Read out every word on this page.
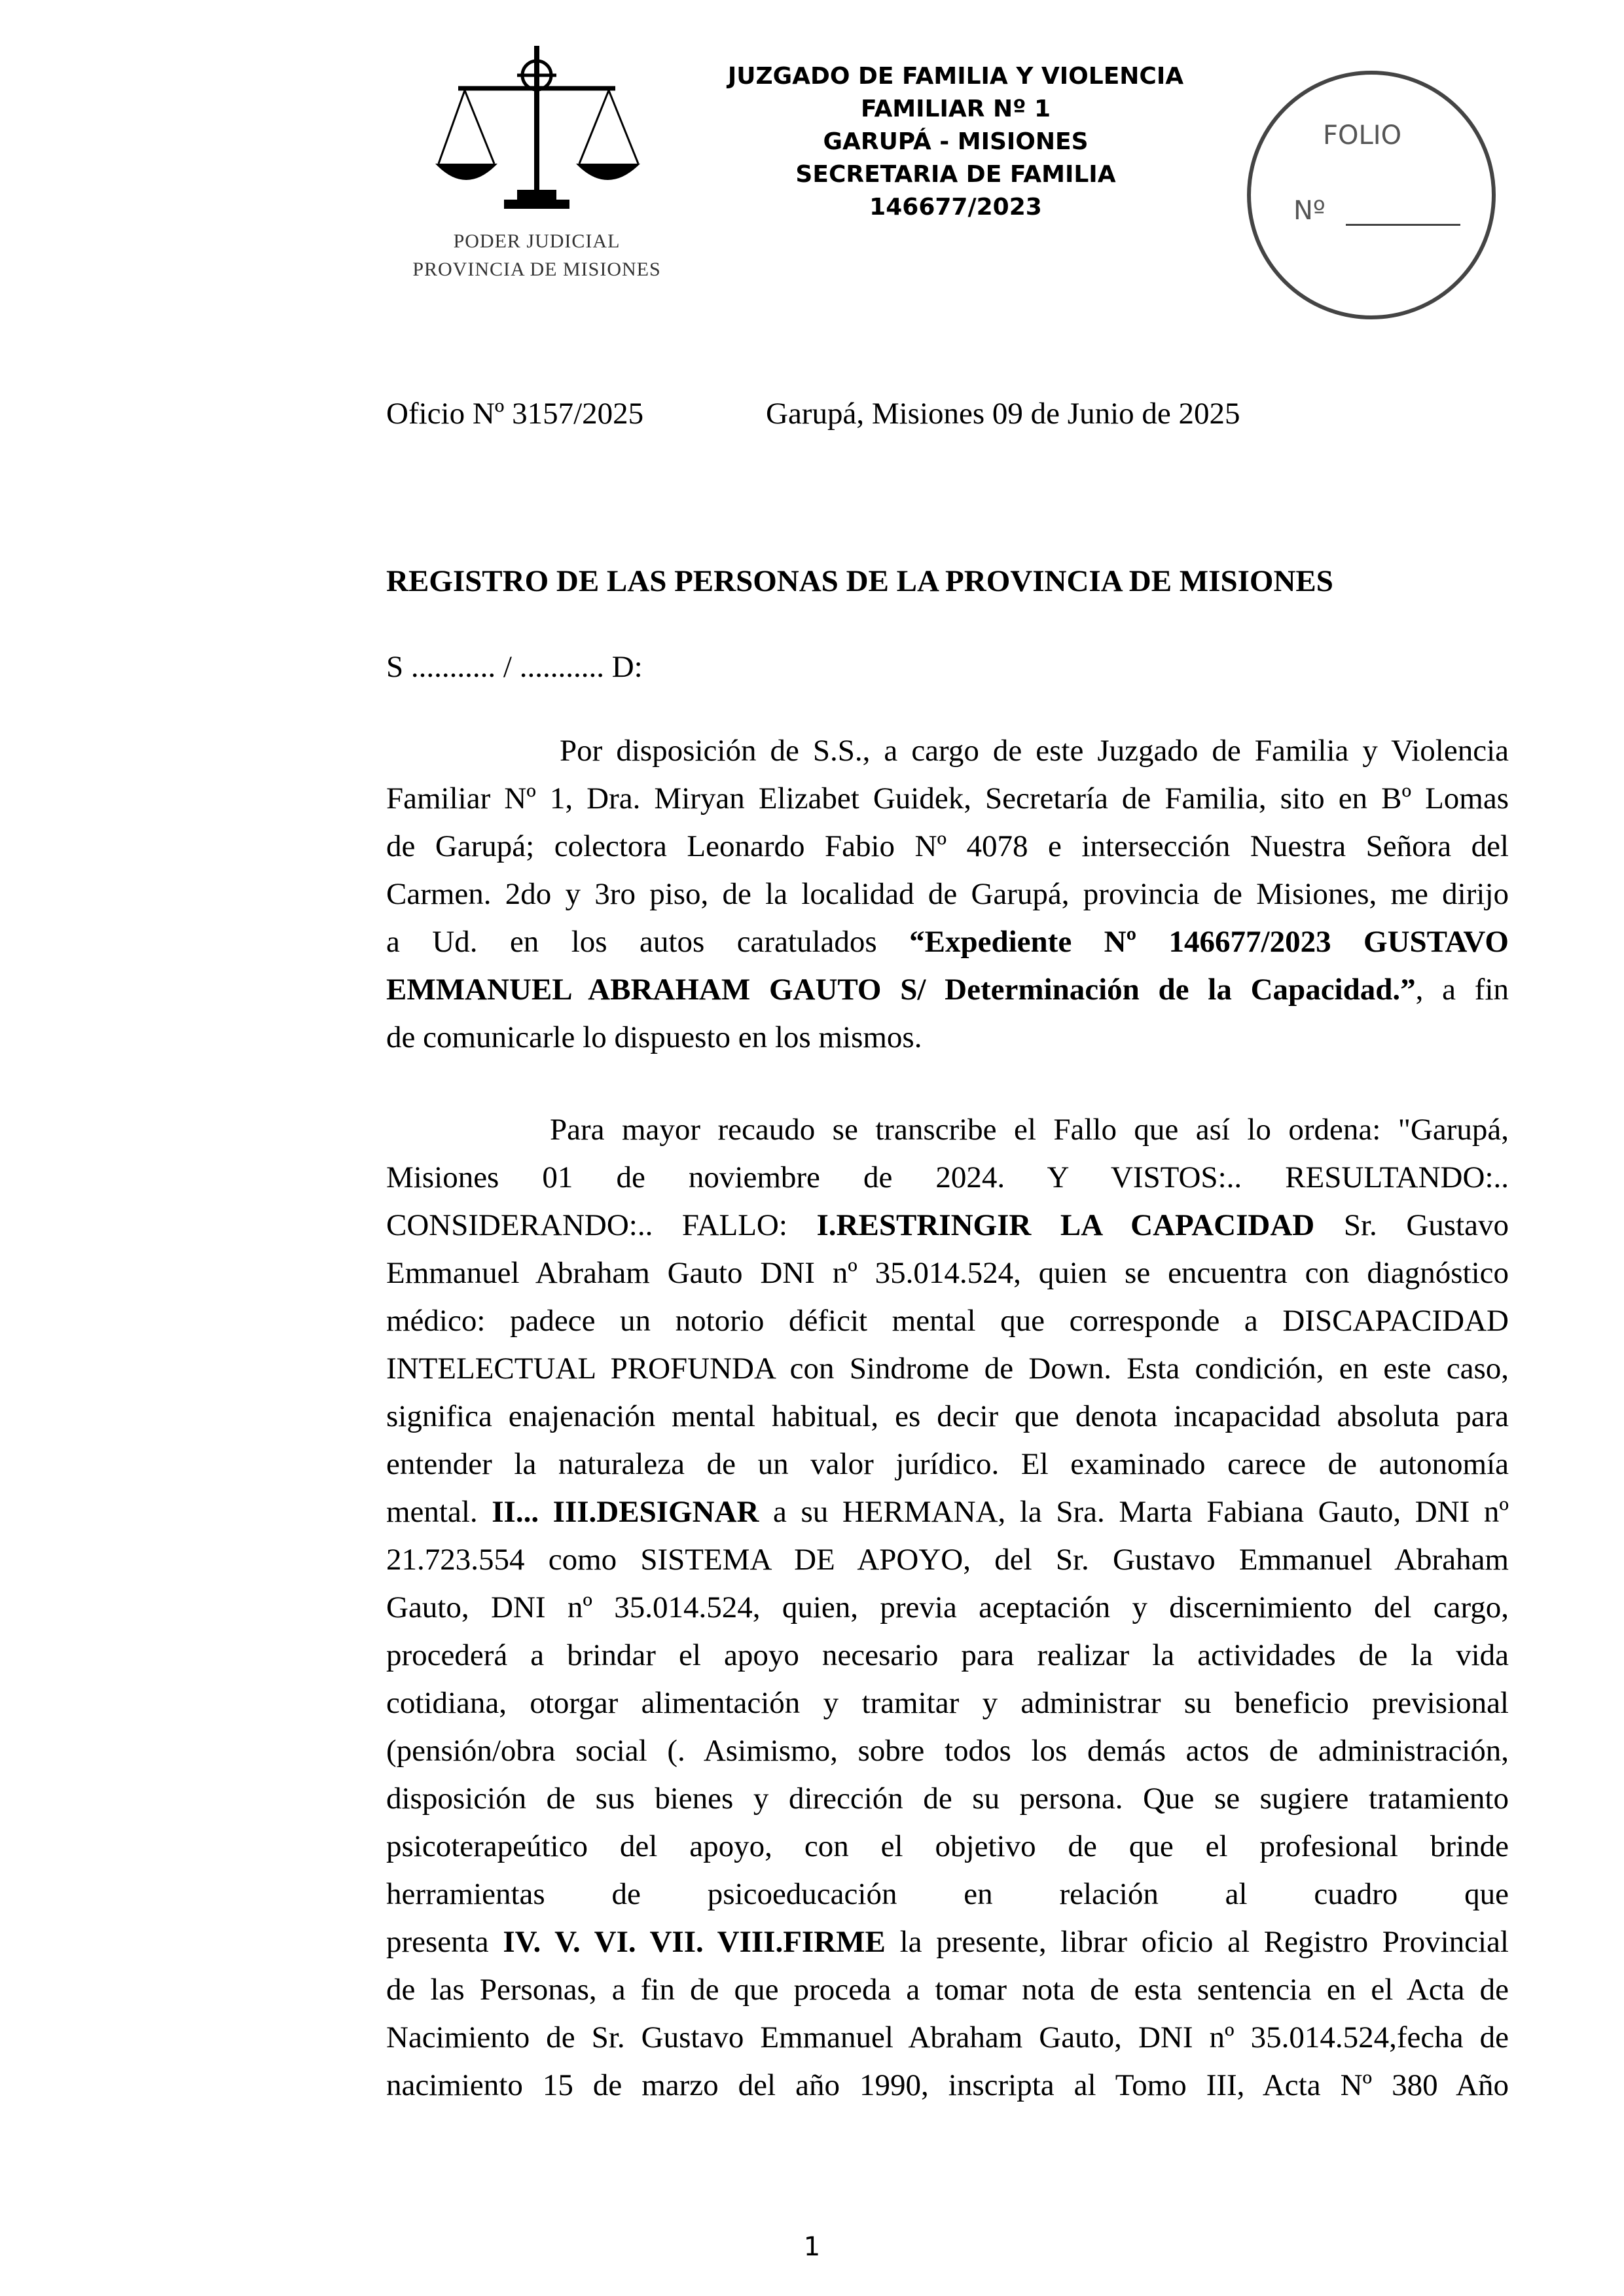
PODER JUDICIAL
PROVINCIA DE MISIONES
JUZGADO DE FAMILIA Y VIOLENCIA
FAMILIAR Nº 1
GARUPÁ - MISIONES
SECRETARIA DE FAMILIA
146677/2023
FOLIO
Nº
Oficio Nº 3157/2025	Garupá, Misiones 09 de Junio de 2025
REGISTRO DE LAS PERSONAS DE LA PROVINCIA DE MISIONES
S ........... / ........... D:
Por disposición de S.S., a cargo de este Juzgado de Familia y Violencia
Familiar Nº 1, Dra. Miryan Elizabet Guidek, Secretaría de Familia, sito en Bº Lomas
de Garupá; colectora Leonardo Fabio Nº 4078 e intersección Nuestra Señora del
Carmen. 2do y 3ro piso, de la localidad de Garupá, provincia de Misiones, me dirijo
a Ud. en los autos caratulados “Expediente Nº 146677/2023 GUSTAVO
EMMANUEL ABRAHAM GAUTO S/ Determinación de la Capacidad.”, a fin
de comunicarle lo dispuesto en los mismos.
Para mayor recaudo se transcribe el Fallo que así lo ordena: "Garupá,
Misiones 01 de noviembre de 2024. Y VISTOS:.. RESULTANDO:..
CONSIDERANDO:.. FALLO: I.RESTRINGIR LA CAPACIDAD Sr. Gustavo
Emmanuel Abraham Gauto DNI nº 35.014.524, quien se encuentra con diagnóstico
médico: padece un notorio déficit mental que corresponde a DISCAPACIDAD
INTELECTUAL PROFUNDA con Sindrome de Down. Esta condición, en este caso,
significa enajenación mental habitual, es decir que denota incapacidad absoluta para
entender la naturaleza de un valor jurídico. El examinado carece de autonomía
mental. II... III.DESIGNAR a su HERMANA, la Sra. Marta Fabiana Gauto, DNI nº
21.723.554 como SISTEMA DE APOYO, del Sr. Gustavo Emmanuel Abraham
Gauto, DNI nº 35.014.524, quien, previa aceptación y discernimiento del cargo,
procederá a brindar el apoyo necesario para realizar la actividades de la vida
cotidiana, otorgar alimentación y tramitar y administrar su beneficio previsional
(pensión/obra social (. Asimismo, sobre todos los demás actos de administración,
disposición de sus bienes y dirección de su persona. Que se sugiere tratamiento
psicoterapeútico del apoyo, con el objetivo de que el profesional brinde
herramientas de psicoeducación en relación al cuadro que
presenta IV. V. VI. VII. VIII.FIRME la presente, librar oficio al Registro Provincial
de las Personas, a fin de que proceda a tomar nota de esta sentencia en el Acta de
Nacimiento de Sr. Gustavo Emmanuel Abraham Gauto, DNI nº 35.014.524,fecha de
nacimiento 15 de marzo del año 1990, inscripta al Tomo III, Acta Nº 380 Año
1
